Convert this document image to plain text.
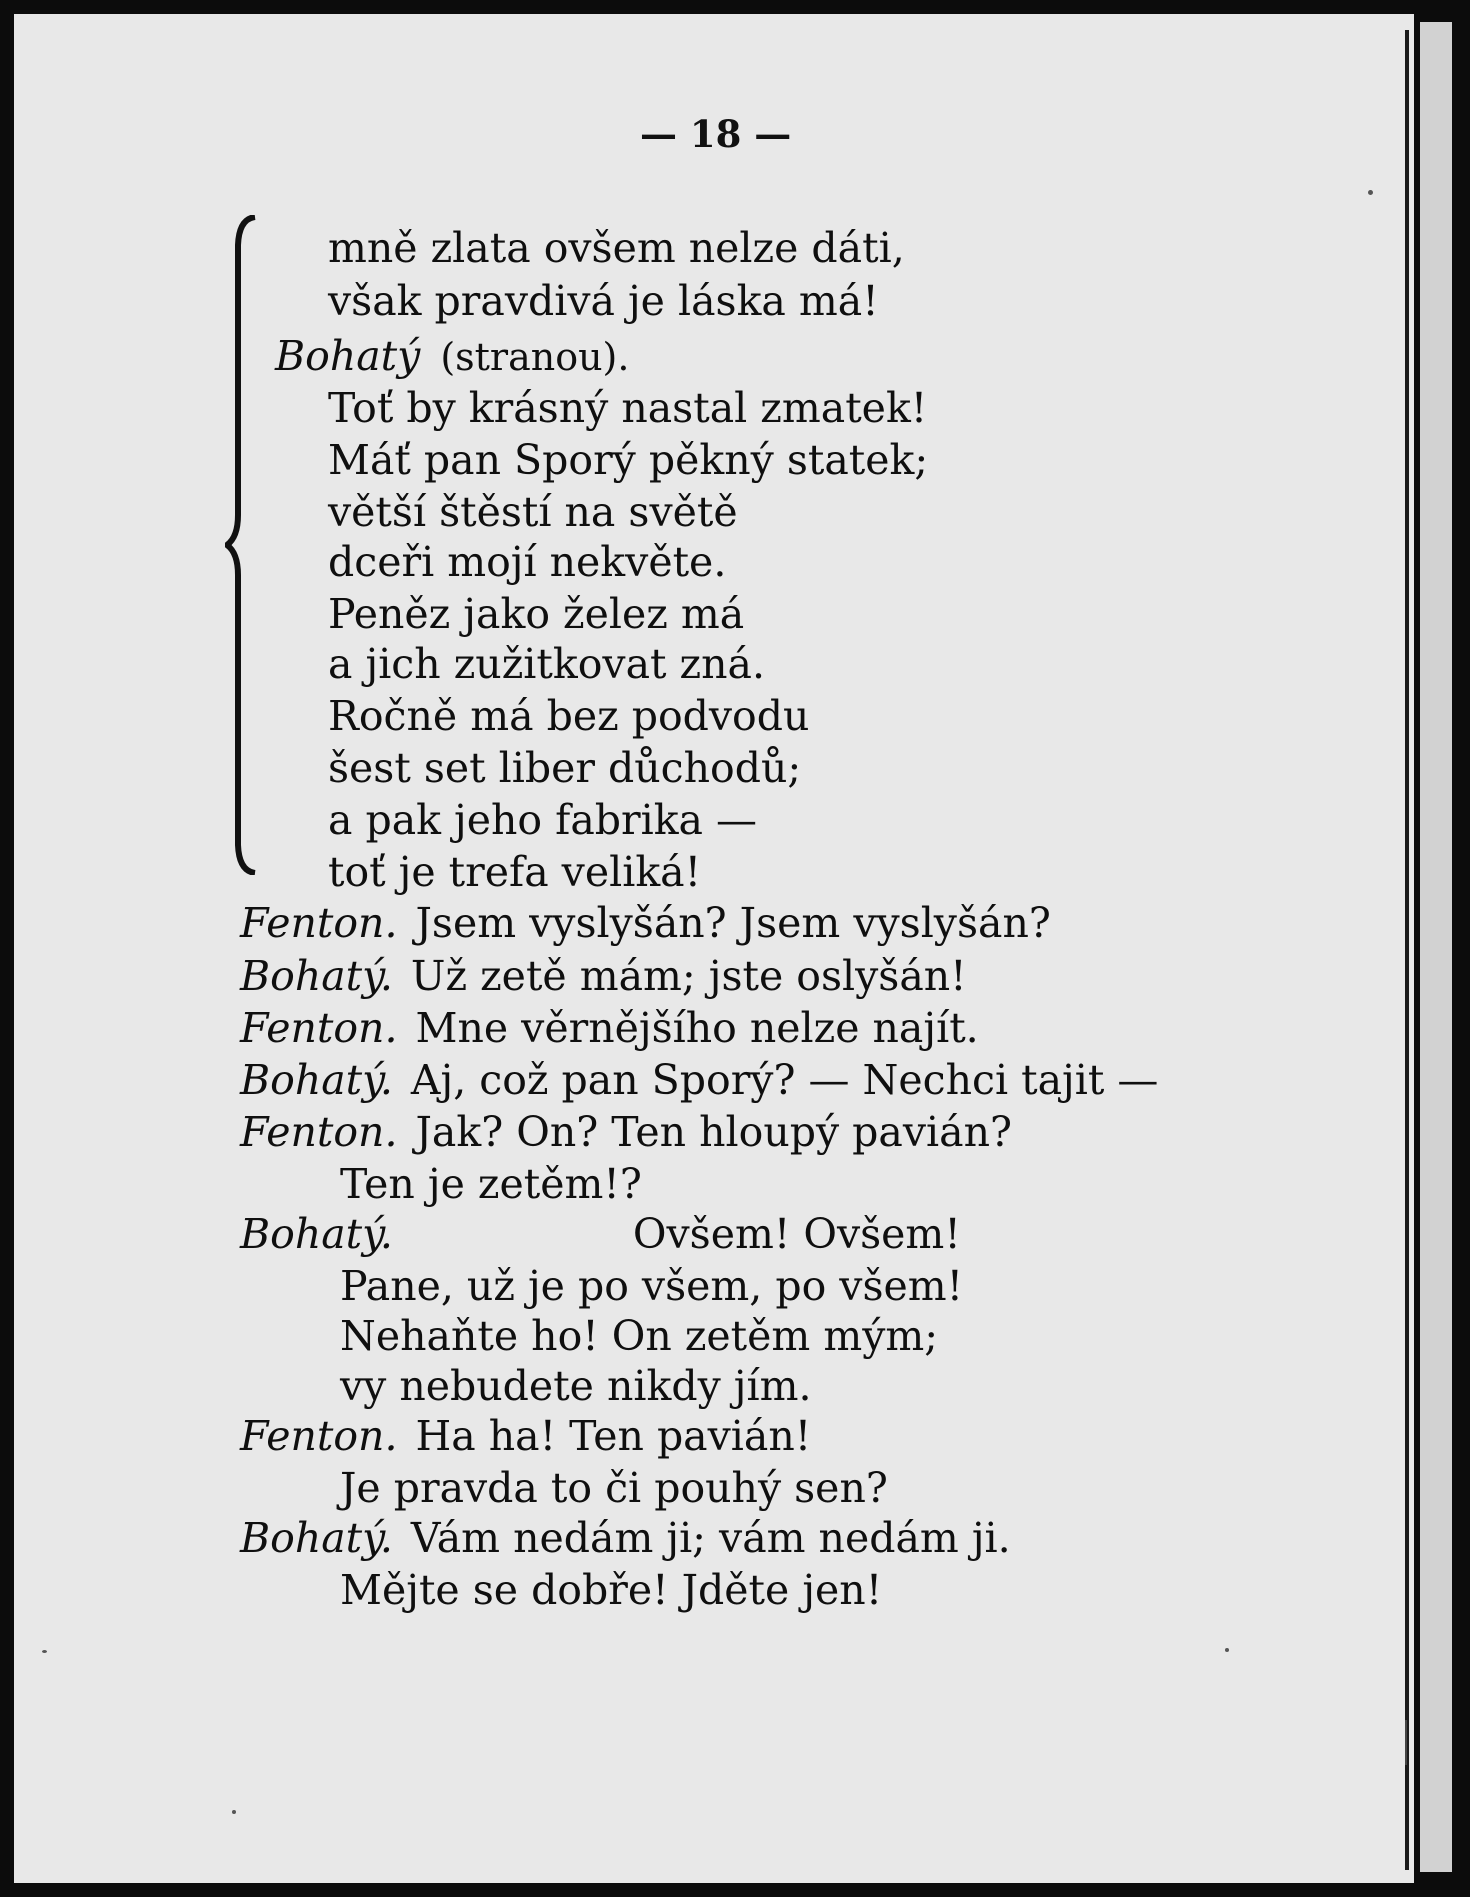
— 18 —
mně zlata ovšem nelze dáti,
však pravdivá je láska má!
Bohatý (stranou).
Toť by krásný nastal zmatek!
Máť pan Sporý pěkný statek;
větší štěstí na světě
dceři mojí nekvěte.
Peněz jako želez má
a jich zužitkovat zná.
Ročně má bez podvodu
šest set liber důchodů;
a pak jeho fabrika —
toť je trefa veliká!
Fenton. Jsem vyslyšán? Jsem vyslyšán?
Bohatý. Už zetě mám; jste oslyšán!
Fenton. Mne věrnějšího nelze najít.
Bohatý. Aj, což pan Sporý? — Nechci tajit —
Fenton. Jak? On? Ten hloupý pavián?
Ten je zetěm!?
Bohatý.	Ovšem! Ovšem!
Pane, už je po všem, po všem!
Nehaňte ho! On zetěm mým;
vy nebudete nikdy jím.
Fenton. Ha ha! Ten pavián!
Je pravda to či pouhý sen?
Bohatý. Vám nedám ji; vám nedám ji.
Mějte se dobře! Jděte jen!
